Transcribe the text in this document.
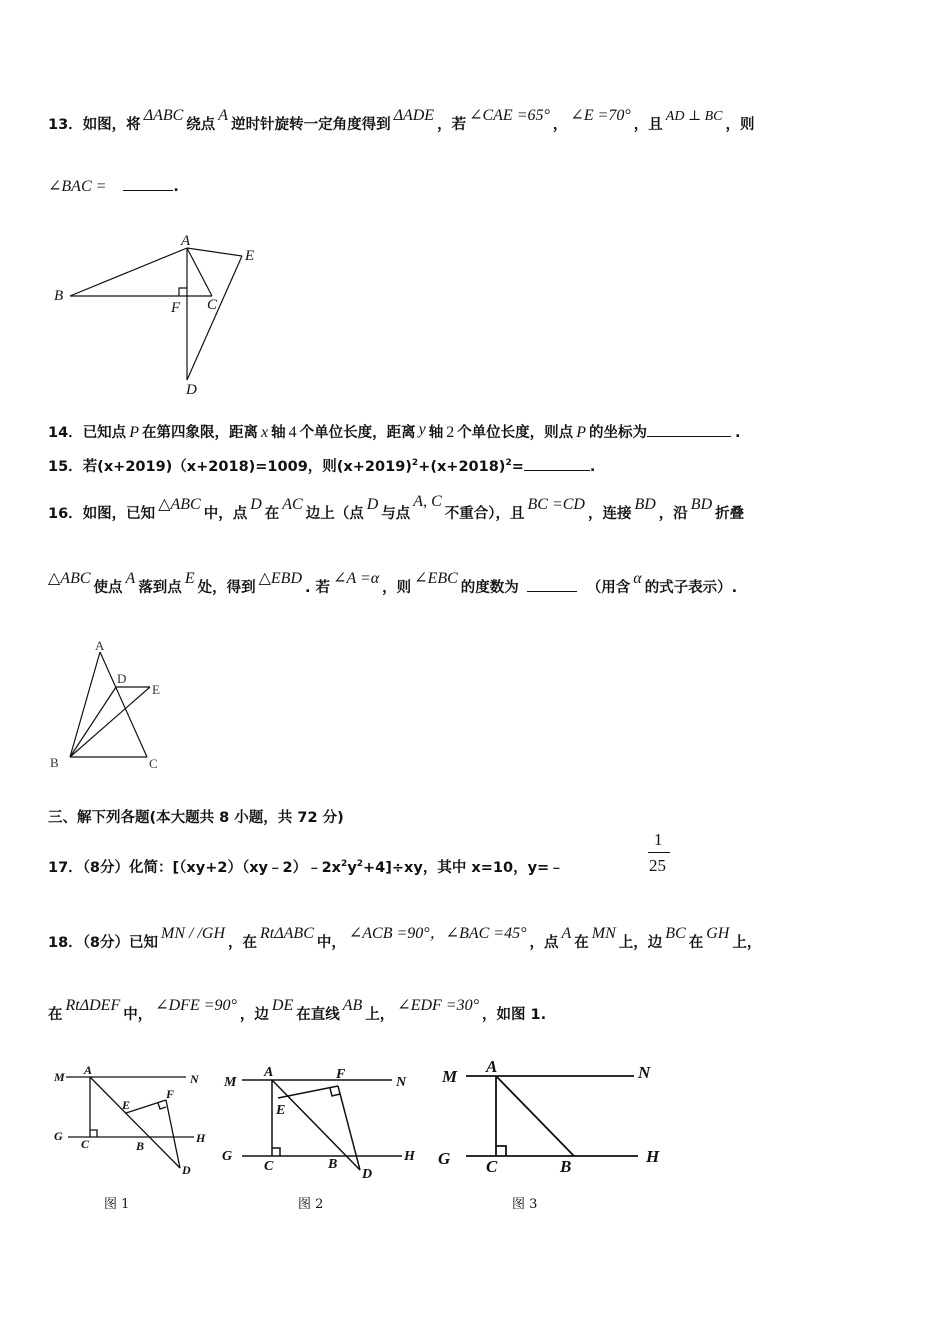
13．如图，将ΔABC绕点A逆时针旋转一定角度得到ΔADE，若∠CAE =65°，∠E =70°，且AD ⊥ BC，则
∠BAC =	.
A
B
C
D
E
F
14．已知点 P 在第四象限，距离 x 轴 4 个单位长度，距离 y 轴 2 个单位长度，则点 P 的坐标为	.
15．若(x+2019)（x+2018)=1009，则$(x+2019)^2+(x+2018)^2=$	.
16．如图，已知△ABC中，点D在AC边上（点D与点A, C不重合），且BC =CD，连接BD，沿BD折叠
△ABC使点A落到点E处，得到△EBD. 若∠A =α，则∠EBC的度数为	（用含α的式子表示）.
A
B	C
D
E
三、解下列各题(本大题共 8 小题，共 72 分)
17．（8分）化简：$[(xy+2)(xy﹣2)﹣2x^2y^2+4]\div xy$，其中 x=10，y=﹣
1
25
18．（8分）已知MN / /GH，在RtΔABC中，∠ACB =90°，∠BAC =45°，点A在MN上，边BC在GH上，
在RtΔDEF中，∠DFE =90°，边DE在直线AB上，∠EDF =30°，如图 1.
M	N
G	H
A
B
C
D
E
F
M	N
G	H
A
B
C
D
E
F	M	N
G	H
A
B
C
图 1	图 2	图 3
